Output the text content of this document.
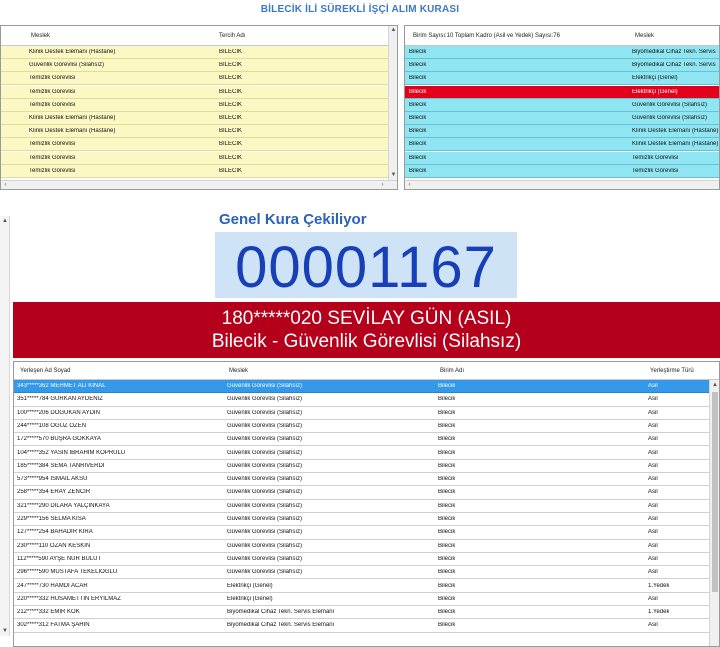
BİLECİK İLİ SÜREKLİ İŞÇİ ALIM KURASI
Meslek	Tercih Adı
Klinik Destek Elemanı (Hastane)	BILECIK
Güvenlik Görevlisi (Silahsız)	BILECIK
Temizlik Görevlisi	BILECIK
Temizlik Görevlisi	BILECIK
Temizlik Görevlisi	BILECIK
Klinik Destek Elemanı (Hastane)	BILECIK
Klinik Destek Elemanı (Hastane)	BILECIK
Temizlik Görevlisi	BILECIK
Temizlik Görevlisi	BILECIK
Temizlik Görevlisi	BILECIK
▲
▼
‹	›
Birim Sayısı:10 Toplam Kadro (Asil ve Yedek) Sayısı:76	Meslek
Bilecik	Biyomedikal Cihaz Tekn. Servis
Bilecik	Biyomedikal Cihaz Tekn. Servis
Bilecik	Elektrikçi (Genel)
Bilecik	Elektrikçi (Genel)
Bilecik	Güvenlik Görevlisi (Silahsız)
Bilecik	Güvenlik Görevlisi (Silahsız)
Bilecik	Klinik Destek Elemanı (Hastane)
Bilecik	Klinik Destek Elemanı (Hastane)
Bilecik	Temizlik Görevlisi
Bilecik	Temizlik Görevlisi
‹
▲
▼
Genel Kura Çekiliyor
00001167
180*****020 SEVİLAY GÜN (ASIL)
Bilecik - Güvenlik Görevlisi (Silahsız)
Yerleşen Ad Soyad	Meslek	Birim Adı	Yerleştirme Türü
343*****362 MEHMET ALİ KINAL	Güvenlik Görevlisi (Silahsız)	Bilecik	Asil
351*****784 GURKAN AYDENİZ	Güvenlik Görevlisi (Silahsız)	Bilecik	Asil
100*****206 DOĞUKAN AYDIN	Güvenlik Görevlisi (Silahsız)	Bilecik	Asil
244*****108 OĞUZ ÖZEN	Güvenlik Görevlisi (Silahsız)	Bilecik	Asil
172*****570 BÜŞRA GÖKKAYA	Güvenlik Görevlisi (Silahsız)	Bilecik	Asil
104*****352 YASİN İBRAHİM KÖPRÜLÜ	Güvenlik Görevlisi (Silahsız)	Bilecik	Asil
185*****384 SEMA TANRIVERDİ	Güvenlik Görevlisi (Silahsız)	Bilecik	Asil
573*****954 İSMAİL AKSU	Güvenlik Görevlisi (Silahsız)	Bilecik	Asil
258*****354 ERAY ZENCİR	Güvenlik Görevlisi (Silahsız)	Bilecik	Asil
321*****290 DİLARA YALÇINKAYA	Güvenlik Görevlisi (Silahsız)	Bilecik	Asil
229*****156 SELMA KISA	Güvenlik Görevlisi (Silahsız)	Bilecik	Asil
127*****254 BAHADIR KIRA	Güvenlik Görevlisi (Silahsız)	Bilecik	Asil
230*****110 OZAN KESKİN	Güvenlik Görevlisi (Silahsız)	Bilecik	Asil
112*****590 AYŞE NUR BULUT	Güvenlik Görevlisi (Silahsız)	Bilecik	Asil
296*****590 MUSTAFA TEKELİOĞLU	Güvenlik Görevlisi (Silahsız)	Bilecik	Asil
247*****730 HAMDİ ACAR	Elektrikçi (Genel)	Bilecik	1.Yedek
220*****332 HÜSAMETTİN ERYILMAZ	Elektrikçi (Genel)	Bilecik	Asil
212*****332 EMİR KÖK	Biyomedikal Cihaz Tekn. Servis Elemanı	Bilecik	1.Yedek
302*****312 FATMA ŞAHİN	Biyomedikal Cihaz Tekn. Servis Elemanı	Bilecik	Asil
▲
